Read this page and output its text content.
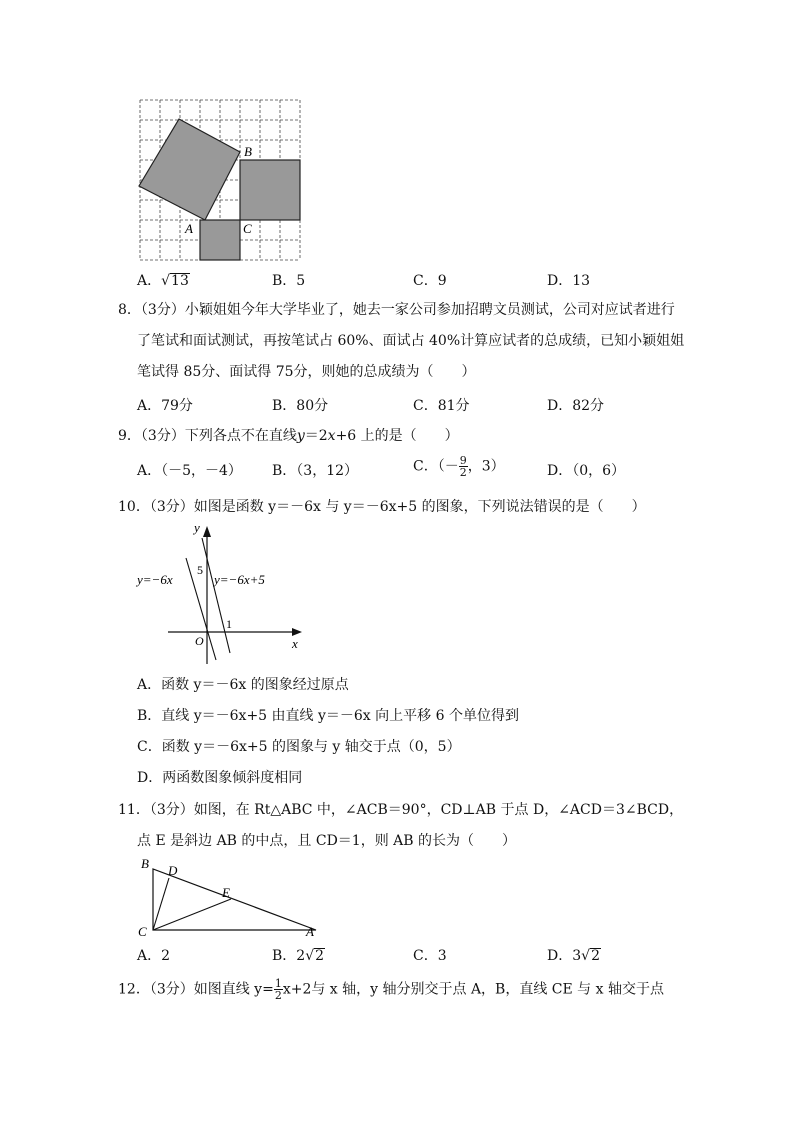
B
A	C
A．√13	B．5	C．9	D．13
8．（3分）小颖姐姐今年大学毕业了，她去一家公司参加招聘文员测试，公司对应试者进行
了笔试和面试测试，再按笔试占 60%、面试占 40%计算应试者的总成绩，已知小颖姐姐
笔试得 85分、面试得 75分，则她的总成绩为（　　）
A．79分	B．80分	C．81分	D．82分
9．（3分）下列各点不在直线y＝2x+6 上的是（　　）
A．（－5，－4） B．（3，12）	C．（－ $\frac{9}{2}$ ，3）	D．（0，6）
10．（3分）如图是函数 y＝－6x 与 y＝－6x+5 的图象，下列说法错误的是（　　）
y
x
O
5
1
y=−6x	y=−6x+5
A．函数 y＝－6x 的图象经过原点
B．直线 y＝－6x+5 由直线 y＝－6x 向上平移 6 个单位得到
C．函数 y＝－6x+5 的图象与 y 轴交于点（0，5）
D．两函数图象倾斜度相同
11．（3分）如图，在 Rt△ABC 中，∠ACB＝90°，CD⊥AB 于点 D，∠ACD＝3∠BCD，
点 E 是斜边 AB 的中点，且 CD＝1，则 AB 的长为（　　）
B D
E
C	A
A．2	B．2√2	C．3	D．3√2
12．（3分）如图直线 $y= \frac{1}{2} x+2$与 x 轴，y 轴分别交于点 A，B，直线 CE 与 x 轴交于点
